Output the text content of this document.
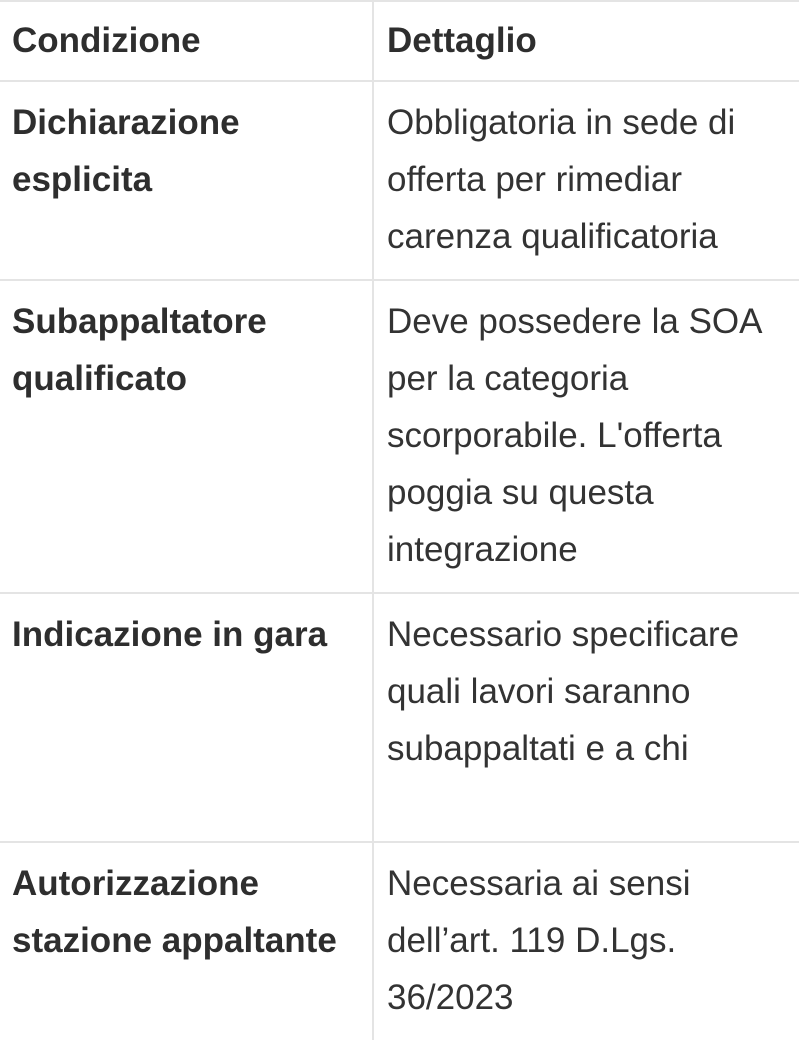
Condizione	Dettaglio
Dichiarazione esplicita	Obbligatoria in sede di offerta per rimediar carenza qualificatoria
Subappaltatore qualificato	Deve possedere la SOA per la categoria scorporabile. L'offerta poggia su questa integrazione
Indicazione in gara	Necessario specificare quali lavori saranno subappaltati e a chi
Autorizzazione stazione appaltante	Necessaria ai sensi dell’art. 119 D.Lgs. 36/2023
